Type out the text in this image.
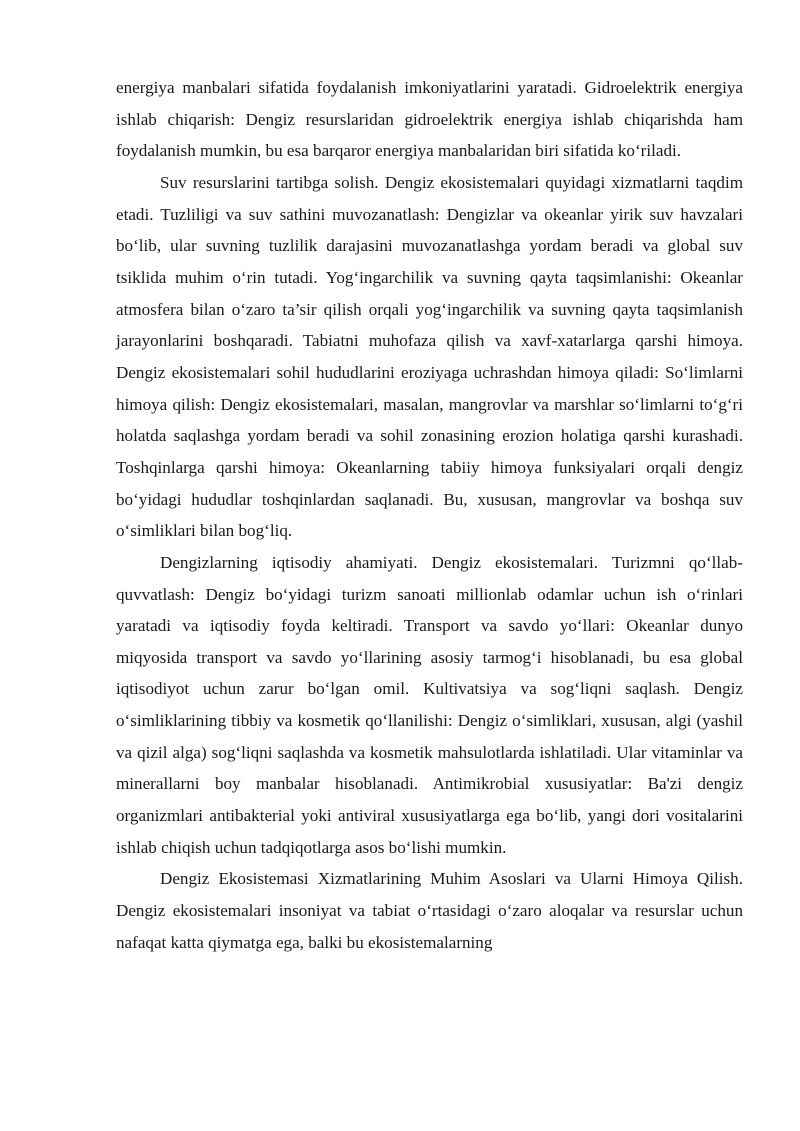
energiya manbalari sifatida foydalanish imkoniyatlarini yaratadi. Gidroelektrik energiya ishlab chiqarish: Dengiz resurslaridan gidroelektrik energiya ishlab chiqarishda ham foydalanish mumkin, bu esa barqaror energiya manbalaridan biri sifatida ko‘riladi.

Suv resurslarini tartibga solish. Dengiz ekosistemalari quyidagi xizmatlarni taqdim etadi. Tuzliligi va suv sathini muvozanatlash: Dengizlar va okeanlar yirik suv havzalari bo‘lib, ular suvning tuzlilik darajasini muvozanatlashga yordam beradi va global suv tsiklida muhim o‘rin tutadi. Yog‘ingarchilik va suvning qayta taqsimlanishi: Okeanlar atmosfera bilan o‘zaro ta’sir qilish orqali yog‘ingarchilik va suvning qayta taqsimlanish jarayonlarini boshqaradi. Tabiatni muhofaza qilish va xavf-xatarlarga qarshi himoya. Dengiz ekosistemalari sohil hududlarini eroziyaga uchrashdan himoya qiladi: So‘limlarni himoya qilish: Dengiz ekosistemalari, masalan, mangrovlar va marshlar so‘limlarni to‘g‘ri holatda saqlashga yordam beradi va sohil zonasining erozion holatiga qarshi kurashadi. Toshqinlarga qarshi himoya: Okeanlarning tabiiy himoya funksiyalari orqali dengiz bo‘yidagi hududlar toshqinlardan saqlanadi. Bu, xususan, mangrovlar va boshqa suv o‘simliklari bilan bog‘liq.

Dengizlarning iqtisodiy ahamiyati. Dengiz ekosistemalari. Turizmni qo‘llab-quvvatlash: Dengiz bo‘yidagi turizm sanoati millionlab odamlar uchun ish o‘rinlari yaratadi va iqtisodiy foyda keltiradi. Transport va savdo yo‘llari: Okeanlar dunyo miqyosida transport va savdo yo‘llarining asosiy tarmog‘i hisoblanadi, bu esa global iqtisodiyot uchun zarur bo‘lgan omil. Kultivatsiya va sog‘liqni saqlash. Dengiz o‘simliklarining tibbiy va kosmetik qo‘llanilishi: Dengiz o‘simliklari, xususan, algi (yashil va qizil alga) sog‘liqni saqlashda va kosmetik mahsulotlarda ishlatiladi. Ular vitaminlar va minerallarni boy manbalar hisoblanadi. Antimikrobial xususiyatlar: Ba'zi dengiz organizmlari antibakterial yoki antiviral xususiyatlarga ega bo‘lib, yangi dori vositalarini ishlab chiqish uchun tadqiqotlarga asos bo‘lishi mumkin.

Dengiz Ekosistemasi Xizmatlarining Muhim Asoslari va Ularni Himoya Qilish. Dengiz ekosistemalari insoniyat va tabiat o‘rtasidagi o‘zaro aloqalar va resurslar uchun nafaqat katta qiymatga ega, balki bu ekosistemalarning
